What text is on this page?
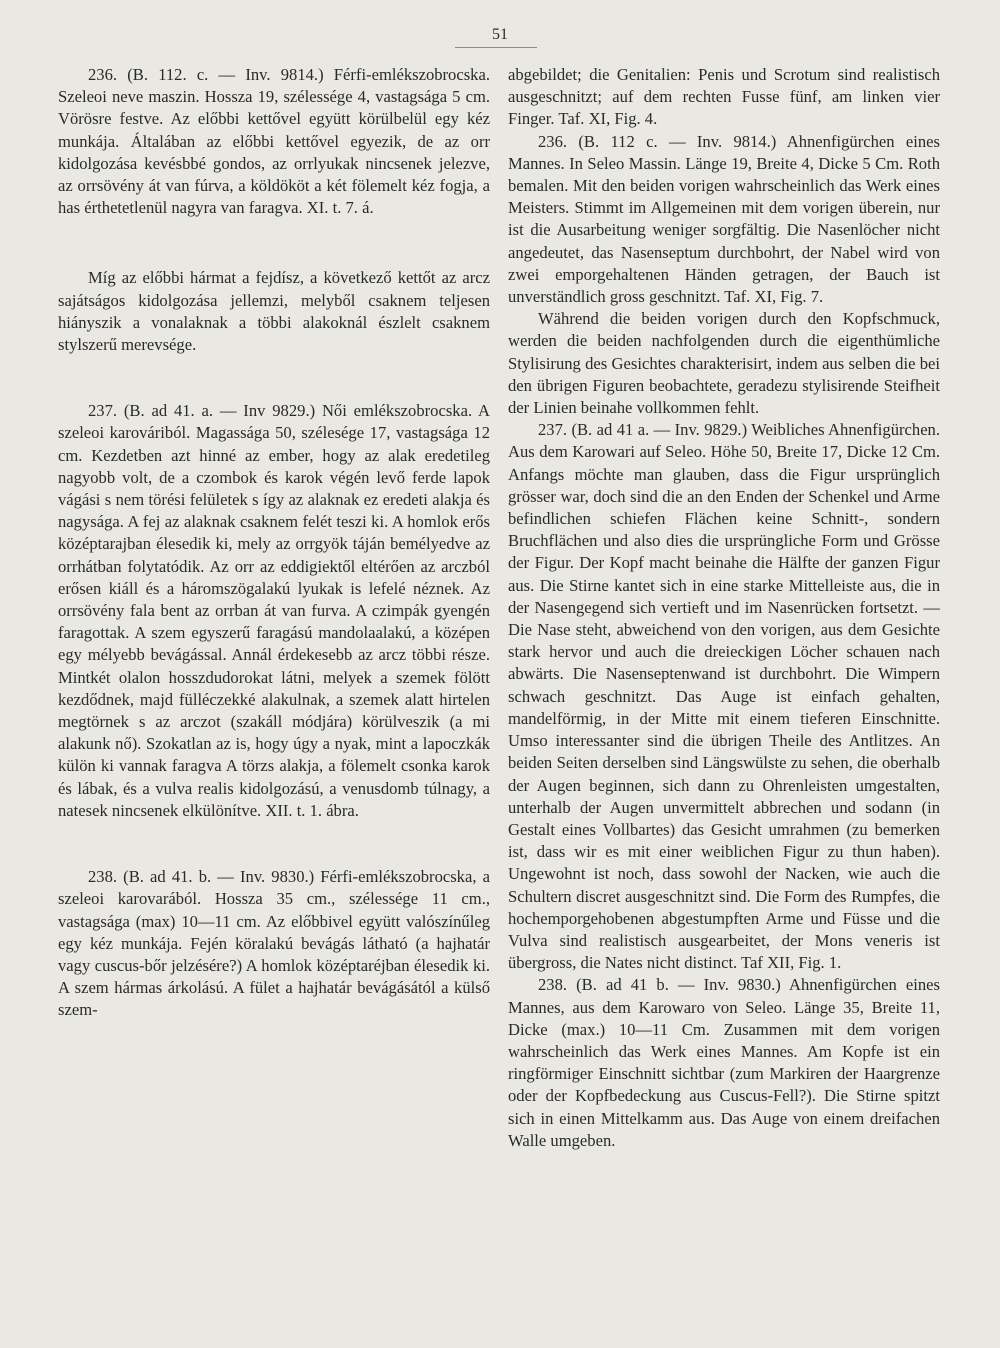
51

236. (B. 112. c. — Inv. 9814.) Férfi-emlékszobrocska. Szeleoi neve maszin. Hossza 19, szélessége 4, vastagsága 5 cm. Vörösre festve. Az előbbi kettővel együtt körülbelül egy kéz munkája. Általában az előbbi kettővel egyezik, de az orr kidolgozása kevésbbé gondos, az orrlyukak nincsenek jelezve, az orrsövény át van fúrva, a köldököt a két fölemelt kéz fogja, a has érthetetlenül nagyra van faragva. XI. t. 7. á.

Míg az előbbi hármat a fejdísz, a következő kettőt az arcz sajátságos kidolgozása jellemzi, melyből csaknem teljesen hiányszik a vonalaknak a többi alakoknál észlelt csaknem stylszerű merevsége.

237. (B. ad 41. a. — Inv 9829.) Női emlékszobrocska. A szeleoi karováriból. Magassága 50, szélesége 17, vastagsága 12 cm. Kezdetben azt hinné az ember, hogy az alak eredetileg nagyobb volt, de a czombok és karok végén levő ferde lapok vágási s nem törési felületek s így az alaknak ez eredeti alakja és nagysága. A fej az alaknak csaknem felét teszi ki. A homlok erős középtarajban élesedik ki, mely az orrgyök táján bemélyedve az orrhátban folytatódik. Az orr az eddigiektől eltérően az arczból erősen kiáll és a háromszögalakú lyukak is lefelé néznek. Az orrsövény fala bent az orrban át van furva. A czimpák gyengén faragottak. A szem egyszerű faragású mandolaalakú, a középen egy mélyebb bevágással. Annál érdekesebb az arcz többi része. Mintkét olalon hosszdudorokat látni, melyek a szemek fölött kezdődnek, majd fülléczekké alakulnak, a szemek alatt hirtelen megtörnek s az arczot (szakáll módjára) körülveszik (a mi alakunk nő). Szokatlan az is, hogy úgy a nyak, mint a lapoczkák külön ki vannak faragva A törzs alakja, a fölemelt csonka karok és lábak, és a vulva realis kidolgozású, a venusdomb túlnagy, a natesek nincsenek elkülönítve. XII. t. 1. ábra.

238. (B. ad 41. b. — Inv. 9830.) Férfi-emlékszobrocska, a szeleoi karovarából. Hossza 35 cm., szélessége 11 cm., vastagsága (max) 10—11 cm. Az előbbivel együtt valószínűleg egy kéz munkája. Fején köralakú bevágás látható (a hajhatár vagy cuscus-bőr jelzésére?) A homlok középtaréjban élesedik ki. A szem hármas árkolású. A fület a hajhatár bevágásától a külső szem-

abgebildet; die Genitalien: Penis und Scrotum sind realistisch ausgeschnitzt; auf dem rechten Fusse fünf, am linken vier Finger. Taf. XI, Fig. 4.

236. (B. 112 c. — Inv. 9814.) Ahnenfigürchen eines Mannes. In Seleo Massin. Länge 19, Breite 4, Dicke 5 Cm. Roth bemalen. Mit den beiden vorigen wahrscheinlich das Werk eines Meisters. Stimmt im Allgemeinen mit dem vorigen überein, nur ist die Ausarbeitung weniger sorgfältig. Die Nasenlöcher nicht angedeutet, das Nasenseptum durchbohrt, der Nabel wird von zwei emporgehaltenen Händen getragen, der Bauch ist unverständlich gross geschnitzt. Taf. XI, Fig. 7.

Während die beiden vorigen durch den Kopfschmuck, werden die beiden nachfolgenden durch die eigenthümliche Stylisirung des Gesichtes charakterisirt, indem aus selben die bei den übrigen Figuren beobachtete, geradezu stylisirende Steifheit der Linien beinahe vollkommen fehlt.

237. (B. ad 41 a. — Inv. 9829.) Weibliches Ahnenfigürchen. Aus dem Karowari auf Seleo. Höhe 50, Breite 17, Dicke 12 Cm. Anfangs möchte man glauben, dass die Figur ursprünglich grösser war, doch sind die an den Enden der Schenkel und Arme befindlichen schiefen Flächen keine Schnitt-, sondern Bruchflächen und also dies die ursprüngliche Form und Grösse der Figur. Der Kopf macht beinahe die Hälfte der ganzen Figur aus. Die Stirne kantet sich in eine starke Mittelleiste aus, die in der Nasengegend sich vertieft und im Nasenrücken fortsetzt. — Die Nase steht, abweichend von den vorigen, aus dem Gesichte stark hervor und auch die dreieckigen Löcher schauen nach abwärts. Die Nasenseptenwand ist durchbohrt. Die Wimpern schwach geschnitzt. Das Auge ist einfach gehalten, mandelförmig, in der Mitte mit einem tieferen Einschnitte. Umso interessanter sind die übrigen Theile des Antlitzes. An beiden Seiten derselben sind Längswülste zu sehen, die oberhalb der Augen beginnen, sich dann zu Ohrenleisten umgestalten, unterhalb der Augen unvermittelt abbrechen und sodann (in Gestalt eines Vollbartes) das Gesicht umrahmen (zu bemerken ist, dass wir es mit einer weiblichen Figur zu thun haben). Ungewohnt ist noch, dass sowohl der Nacken, wie auch die Schultern discret ausgeschnitzt sind. Die Form des Rumpfes, die hochemporgehobenen abgestumpften Arme und Füsse und die Vulva sind realistisch ausgearbeitet, der Mons veneris ist übergross, die Nates nicht distinct. Taf XII, Fig. 1.

238. (B. ad 41 b. — Inv. 9830.) Ahnenfigürchen eines Mannes, aus dem Karowaro von Seleo. Länge 35, Breite 11, Dicke (max.) 10—11 Cm. Zusammen mit dem vorigen wahrscheinlich das Werk eines Mannes. Am Kopfe ist ein ringförmiger Einschnitt sichtbar (zum Markiren der Haargrenze oder der Kopfbedeckung aus Cuscus-Fell?). Die Stirne spitzt sich in einen Mittelkamm aus. Das Auge von einem dreifachen Walle umgeben.
